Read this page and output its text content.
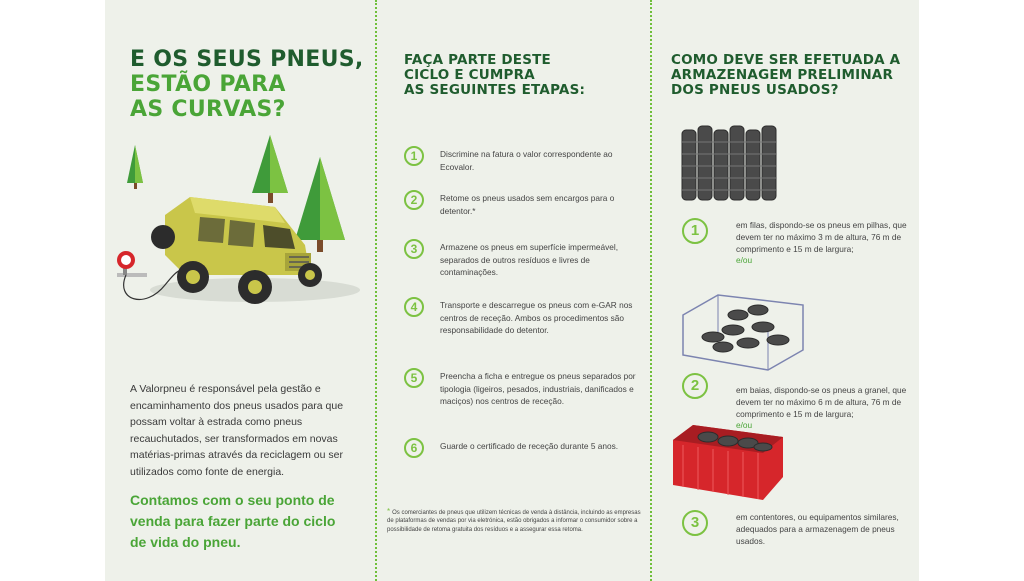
E OS SEUS PNEUS,
ESTÃO PARA
AS CURVAS?
A Valorpneu é responsável pela gestão e encaminhamento dos pneus usados para que possam voltar à estrada como pneus recauchutados, ser transformados em novas matérias-primas através da reciclagem ou ser utilizados como fonte de energia.
Contamos com o seu ponto de venda para fazer parte do ciclo de vida do pneu.
FAÇA PARTE DESTE
CICLO E CUMPRA
AS SEGUINTES ETAPAS:
1	Discrimine na fatura o valor correspondente ao Ecovalor.
2	Retome os pneus usados sem encargos para o detentor.*
3	Armazene os pneus em superfície impermeável, separados de outros resíduos e livres de contaminações.
4	Transporte e descarregue os pneus com e-GAR nos centros de receção. Ambos os procedimentos são responsabilidade do detentor.
5	Preencha a ficha e entregue os pneus separados por tipologia (ligeiros, pesados, industriais, danificados e maciços) nos centros de receção.
6	Guarde o certificado de receção durante 5 anos.
* Os comerciantes de pneus que utilizem técnicas de venda à distância, incluindo as empresas de plataformas de vendas por via eletrónica, estão obrigados a informar o consumidor sobre a possibilidade de retoma gratuita dos resíduos e a assegurar essa retoma.
COMO DEVE SER EFETUADA A
ARMAZENAGEM PRELIMINAR
DOS PNEUS USADOS?
1	em filas, dispondo-se os pneus em pilhas, que devem ter no máximo 3 m de altura, 76 m de comprimento e 15 m de largura;
e/ou
2	em baias, dispondo-se os pneus a granel, que devem ter no máximo 6 m de altura, 76 m de comprimento e 15 m de largura;
e/ou
3	em contentores, ou equipamentos similares, adequados para a armazenagem de pneus usados.
